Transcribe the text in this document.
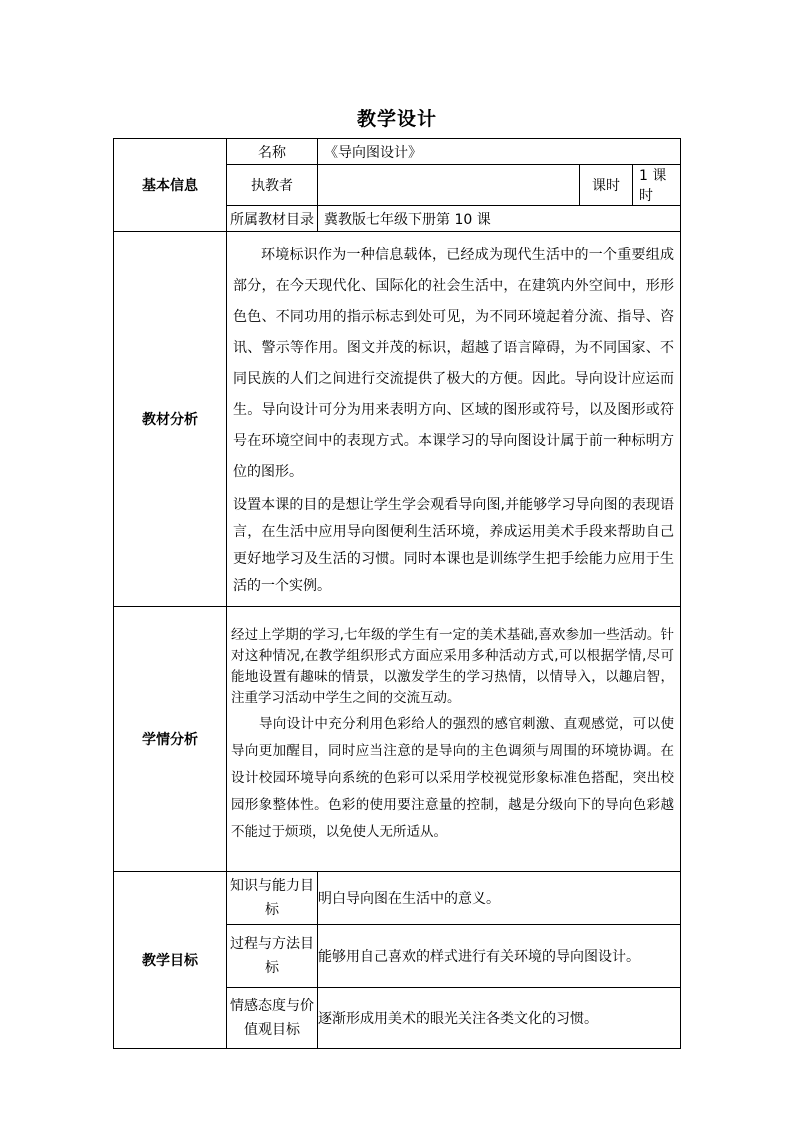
教学设计
基本信息	名称	《导向图设计》		
	执教者		课时	1 课时
	所属教材目录	冀教版七年级下册第 10 课		
教材分析	环境标识作为一种信息载体，已经成为现代生活中的一个重要组成部分，在今天现代化、国际化的社会生活中，在建筑内外空间中，形形色色、不同功用的指示标志到处可见，为不同环境起着分流、指导、咨讯、警示等作用。图文并茂的标识，超越了语言障碍，为不同国家、不同民族的人们之间进行交流提供了极大的方便。因此。导向设计应运而生。导向设计可分为用来表明方向、区域的图形或符号，以及图形或符号在环境空间中的表现方式。本课学习的导向图设计属于前一种标明方位的图形。

设置本课的目的是想让学生学会观看导向图,并能够学习导向图的表现语言，在生活中应用导向图便利生活环境，养成运用美术手段来帮助自己更好地学习及生活的习惯。同时本课也是训练学生把手绘能力应用于生活的一个实例。			

学情分析	经过上学期的学习,七年级的学生有一定的美术基础,喜欢参加一些活动。针对这种情况,在教学组织形式方面应采用多种活动方式,可以根据学情,尽可能地设置有趣味的情景，以激发学生的学习热情，以情导入，以趣启智，注重学习活动中学生之间的交流互动。

导向设计中充分利用色彩给人的强烈的感官刺激、直观感觉，可以使导向更加醒目，同时应当注意的是导向的主色调须与周围的环境协调。在设计校园环境导向系统的色彩可以采用学校视觉形象标准色搭配，突出校园形象整体性。色彩的使用要注意量的控制，越是分级向下的导向色彩越不能过于烦琐，以免使人无所适从。			

教学目标	知识与能力目标	明白导向图在生活中的意义。		
	过程与方法目标	能够用自己喜欢的样式进行有关环境的导向图设计。		
	情感态度与价值观目标	逐渐形成用美术的眼光关注各类文化的习惯。		
